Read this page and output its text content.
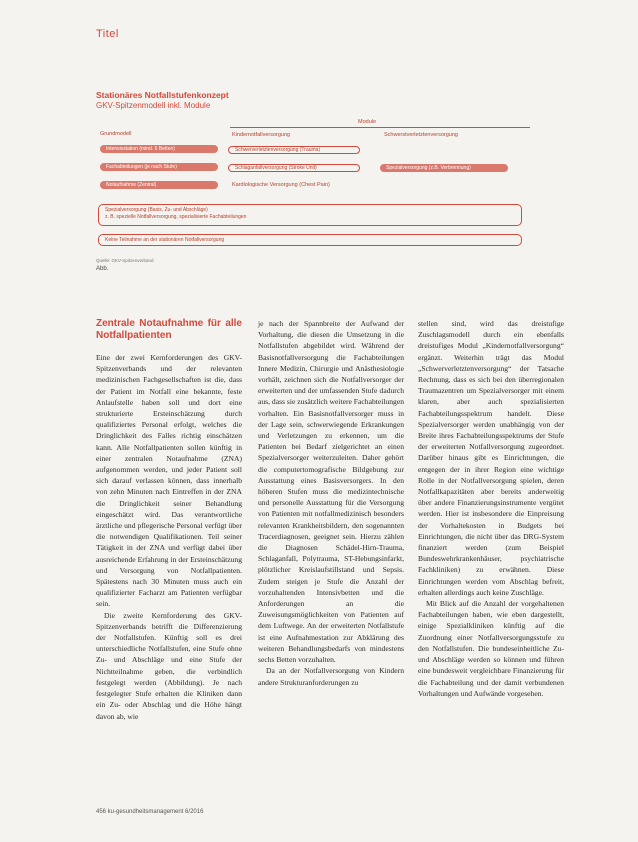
Titel
Stationäres Notfallstufenkonzept
GKV-Spitzenmodell inkl. Module
Module
Grundmodell
Intensivstation (mind. 6 Betten)
Fachabteilungen (je nach Stufe)
Notaufnahme (Zentral)
Kindernotfallversorgung
Schwerverletztenversorgung (Trauma)
Schlaganfallversorgung (Stroke Unit)
Kardiologische Versorgung (Chest Pain)
Schwerstverletztenversorgung
Spezialversorgung (z.B. Verbrennung)
Spezialversorgung (Basis, Zu- und Abschläge)
z. B. spezielle Notfallversorgung, spezialisierte Fachabteilungen
Keine Teilnahme an der stationären Notfallversorgung
Quelle: GKV-Spitzenverband
Abb.
Zentrale Notaufnahme für alle Notfallpatienten

Eine der zwei Kernforderungen des GKV-Spitzenverbands und der relevanten medizinischen Fachgesellschaften ist die, dass der Patient im Notfall eine bekannte, feste Anlaufstelle haben soll und dort eine strukturierte Ersteinschätzung durch qualifiziertes Personal erfolgt, welches die Dringlichkeit des Falles richtig einschätzen kann. Alle Notfallpatienten sollen künftig in einer zentralen Notaufnahme (ZNA) aufgenommen werden, und jeder Patient soll sich darauf verlassen können, dass innerhalb von zehn Minuten nach Eintreffen in der ZNA die Dringlichkeit seiner Behandlung eingeschätzt wird. Das verantwortliche ärztliche und pflegerische Personal verfügt über die notwendigen Qualifikationen. Teil seiner Tätigkeit in der ZNA und verfügt dabei über ausreichende Erfahrung in der Ersteinschätzung und Versorgung von Notfallpatienten. Spätestens nach 30 Minuten muss auch ein qualifizierter Facharzt am Patienten verfügbar sein.

Die zweite Kernforderung des GKV-Spitzenverbands betrifft die Differenzierung der Notfallstufen. Künftig soll es drei unterschiedliche Notfallstufen, eine Stufe ohne Zu- und Abschläge und eine Stufe der Nichtteilnahme geben, die verbindlich festgelegt werden (Abbildung). Je nach festgelegter Stufe erhalten die Kliniken dann ein Zu- oder Abschlag und die Höhe hängt davon ab, wie

je nach der Spannbreite der Aufwand der Vorhaltung, die diesen die Umsetzung in die Notfallstufen abgebildet wird. Während der Basisnotfallversorgung die Fachabteilungen Innere Medizin, Chirurgie und Anästhesiologie vorhält, zeichnen sich die Notfallversorger der erweiterten und der umfassenden Stufe dadurch aus, dass sie zusätzlich weitere Fachabteilungen vorhalten. Ein Basisnotfallversorger muss in der Lage sein, schwerwiegende Erkrankungen und Verletzungen zu erkennen, um die Patienten bei Bedarf zielgerichtet an einen Spezialversorger weiterzuleiten. Daher gehört die computertomografische Bildgebung zur Ausstattung eines Basisversorgers. In den höheren Stufen muss die medizintechnische und personelle Ausstattung für die Versorgung von Patienten mit notfallmedizinisch besonders relevanten Krankheitsbildern, den sogenannten Tracerdiagnosen, geeignet sein. Hierzu zählen die Diagnosen Schädel-Hirn-Trauma, Schlaganfall, Polytrauma, ST-Hebungsinfarkt, plötzlicher Kreislaufstillstand und Sepsis. Zudem steigen je Stufe die Anzahl der vorzuhaltenden Intensivbetten und die Anforderungen an die Zuweisungsmöglichkeiten von Patienten auf dem Luftwege. An der erweiterten Notfallstufe ist eine Aufnahmestation zur Abklärung des weiteren Behandlungsbedarfs von mindestens sechs Betten vorzuhalten.

Da an der Notfallversorgung von Kindern andere Strukturanforderungen zu

stellen sind, wird das dreistufige Zuschlagsmodell durch ein ebenfalls dreistufiges Modul „Kindernotfallversorgung“ ergänzt. Weiterhin trägt das Modul „Schwerverletztenversorgung“ der Tatsache Rechnung, dass es sich bei den überregionalen Traumazentren um Spezialversorger mit einem klaren, aber auch spezialisierten Fachabteilungsspektrum handelt. Diese Spezialversorger werden unabhängig von der Breite ihres Fachabteilungsspektrums der Stufe der erweiterten Notfallversorgung zugeordnet. Darüber hinaus gibt es Einrichtungen, die entgegen der in ihrer Region eine wichtige Rolle in der Notfallversorgung spielen, deren Notfallkapazitäten aber bereits anderweitig über andere Finanzierungsinstrumente vergütet werden. Hier ist insbesondere die Einpreisung der Vorhaltekosten in Budgets bei Einrichtungen, die nicht über das DRG-System finanziert werden (zum Beispiel Bundeswehrkrankenhäuser, psychiatrische Fachkliniken) zu erwähnen. Diese Einrichtungen werden vom Abschlag befreit, erhalten allerdings auch keine Zuschläge.

Mit Blick auf die Anzahl der vorgehaltenen Fachabteilungen haben, wie eben dargestellt, einige Spezialkliniken künftig auf die Zuordnung einer Notfallversorgungsstufe zu den Notfallstufen. Die bundeseinheitliche Zu- und Abschläge werden so können und führen eine bundesweit vergleichbare Finanzierung für die Fachabteilung und der damit verbundenen Vorhaltungen und Aufwände vorgesehen.

456 ku-gesundheitsmanagement 6/2016
